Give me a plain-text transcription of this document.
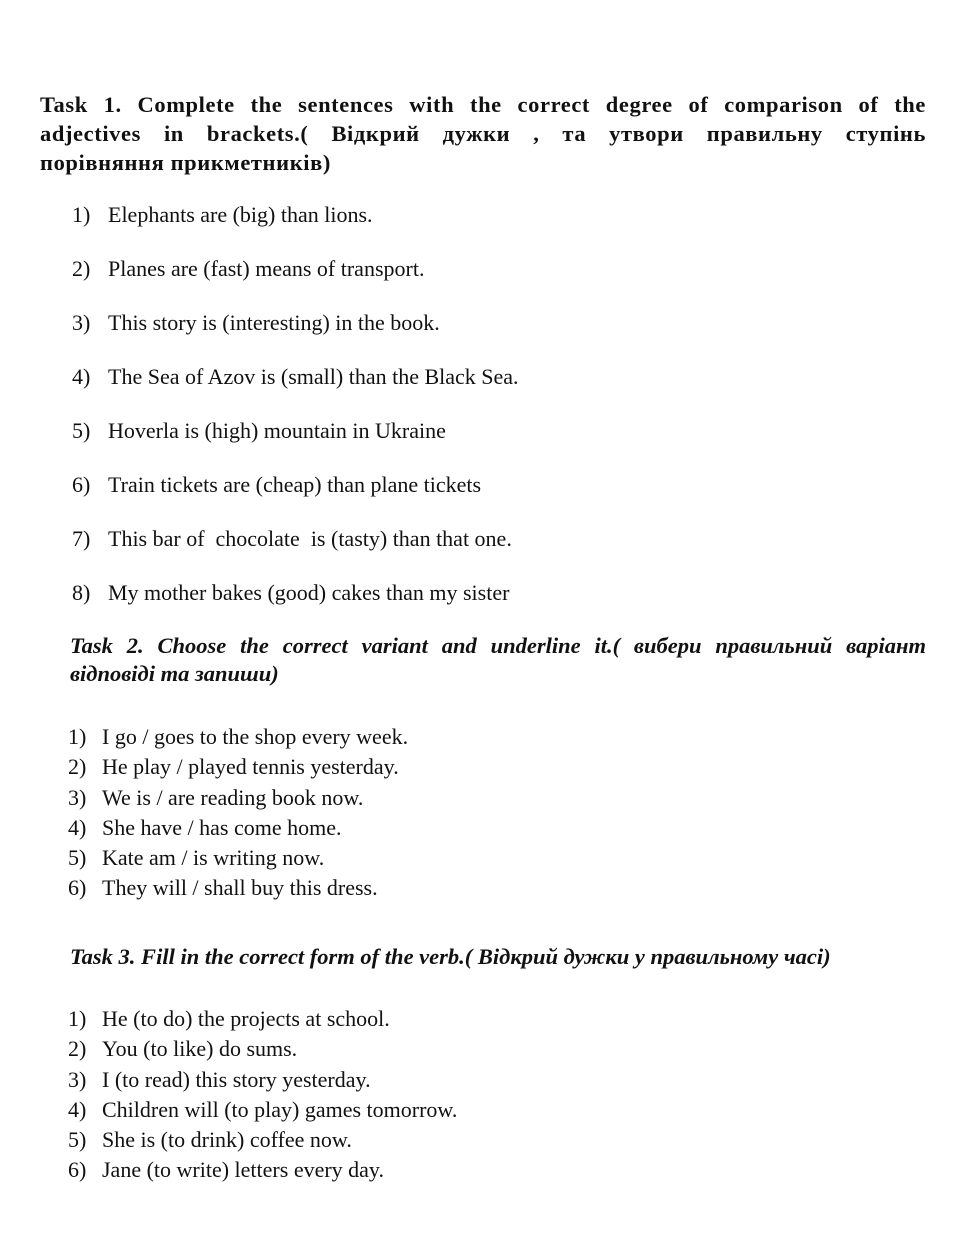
Task 1. Complete the sentences with the correct degree of comparison of the
adjectives in brackets.( Відкрий дужки , та утвори правильну ступінь
порівняння прикметників)
1) Elephants are (big) than lions.
2) Planes are (fast) means of transport.
3) This story is (interesting) in the book.
4) The Sea of Azov is (small) than the Black Sea.
5) Hoverla is (high) mountain in Ukraine
6) Train tickets are (cheap) than plane tickets
7) This bar of  chocolate  is (tasty) than that one.
8) My mother bakes (good) cakes than my sister
Task 2. Choose the correct variant and underline it.( вибери правильний варіант
відповіді та запиши)
1) I go / goes to the shop every week.
2) He play / played tennis yesterday.
3) We is / are reading book now.
4) She have / has come home.
5) Kate am / is writing now.
6) They will / shall buy this dress.
Task 3. Fill in the correct form of the verb.( Відкрий дужки у правильному часі)
1) He (to do) the projects at school.
2) You (to like) do sums.
3) I (to read) this story yesterday.
4) Children will (to play) games tomorrow.
5) She is (to drink) coffee now.
6) Jane (to write) letters every day.
